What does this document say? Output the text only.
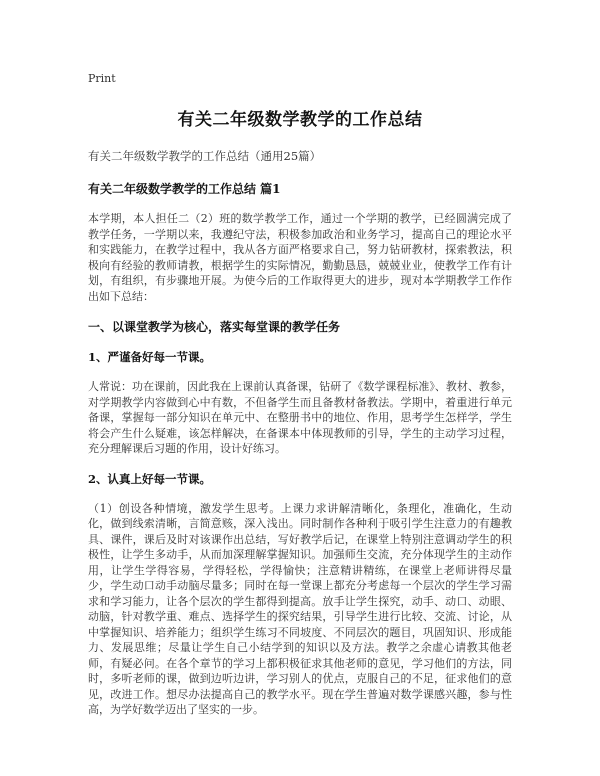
Print
有关二年级数学教学的工作总结

有关二年级数学教学的工作总结（通用25篇）

有关二年级数学教学的工作总结 篇1

本学期，本人担任二（2）班的数学教学工作，通过一个学期的教学，已经圆满完成了教学任务，一学期以来，我遵纪守法，积极参加政治和业务学习，提高自己的理论水平和实践能力，在教学过程中，我从各方面严格要求自己，努力钻研教材，探索教法，积极向有经验的教师请教，根据学生的实际情况，勤勤恳恳，兢兢业业，使教学工作有计划，有组织，有步骤地开展。为使今后的工作取得更大的进步，现对本学期教学工作作出如下总结：

一、以课堂教学为核心，落实每堂课的教学任务
1、严谨备好每一节课。

人常说：功在课前，因此我在上课前认真备课，钻研了《数学课程标准》、教材、教参，对学期教学内容做到心中有数，不但备学生而且备教材备教法。学期中，着重进行单元备课，掌握每一部分知识在单元中、在整册书中的地位、作用，思考学生怎样学，学生将会产生什么疑难，该怎样解决，在备课本中体现教师的引导，学生的主动学习过程，充分理解课后习题的作用，设计好练习。

2、认真上好每一节课。

（1）创设各种情境，激发学生思考。上课力求讲解清晰化，条理化，准确化，生动化，做到线索清晰，言简意赅，深入浅出。同时制作各种利于吸引学生注意力的有趣教具、课件，课后及时对该课作出总结，写好教学后记，在课堂上特别注意调动学生的积极性，让学生多动手，从而加深理解掌握知识。加强师生交流，充分体现学生的主动作用，让学生学得容易，学得轻松，学得愉快；注意精讲精练，在课堂上老师讲得尽量少，学生动口动手动脑尽量多；同时在每一堂课上都充分考虑每一个层次的学生学习需求和学习能力，让各个层次的学生都得到提高。放手让学生探究，动手、动口、动眼、动脑，针对教学重、难点、选择学生的探究结果，引导学生进行比较、交流、讨论，从中掌握知识、培养能力；组织学生练习不同坡度、不同层次的题目，巩固知识、形成能力、发展思维；尽量让学生自己小结学到的知识以及方法。教学之余虚心请教其他老师，有疑必问。在各个章节的学习上都积极征求其他老师的意见，学习他们的方法，同时，多听老师的课，做到边听边讲，学习别人的优点，克服自己的不足，征求他们的意见，改进工作。想尽办法提高自己的教学水平。现在学生普遍对数学课感兴趣，参与性高，为学好数学迈出了坚实的一步。
